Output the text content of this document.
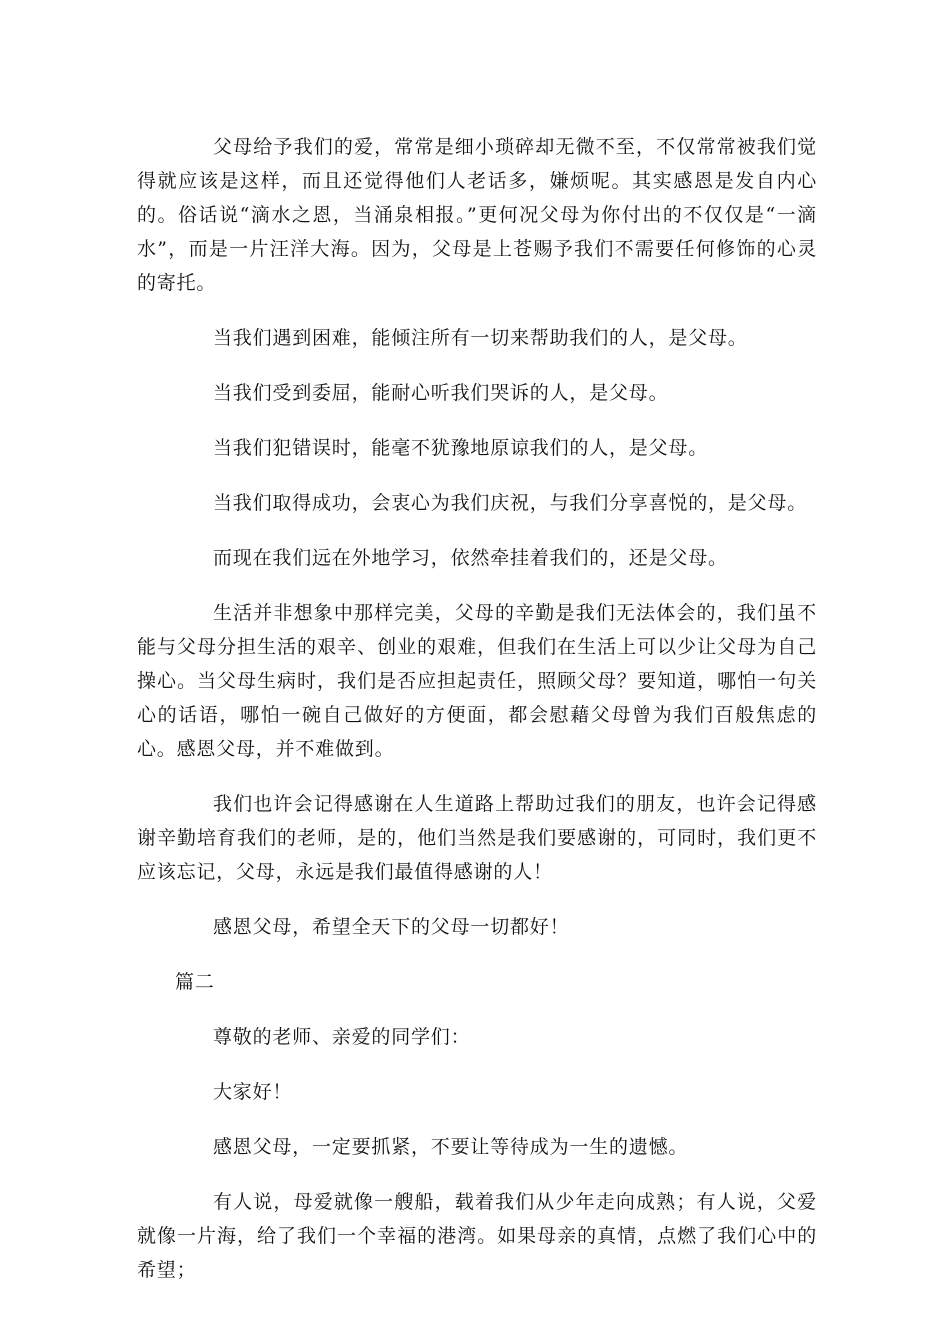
父母给予我们的爱，常常是细小琐碎却无微不至，不仅常常被我们觉得就应该是这样，而且还觉得他们人老话多，嫌烦呢。其实感恩是发自内心的。俗话说“滴水之恩，当涌泉相报。”更何况父母为你付出的不仅仅是“一滴水”，而是一片汪洋大海。因为，父母是上苍赐予我们不需要任何修饰的心灵的寄托。

当我们遇到困难，能倾注所有一切来帮助我们的人，是父母。

当我们受到委屈，能耐心听我们哭诉的人，是父母。

当我们犯错误时，能毫不犹豫地原谅我们的人，是父母。

当我们取得成功，会衷心为我们庆祝，与我们分享喜悦的，是父母。

而现在我们远在外地学习，依然牵挂着我们的，还是父母。

生活并非想象中那样完美，父母的辛勤是我们无法体会的，我们虽不能与父母分担生活的艰辛、创业的艰难，但我们在生活上可以少让父母为自己操心。当父母生病时，我们是否应担起责任，照顾父母？要知道，哪怕一句关心的话语，哪怕一碗自己做好的方便面，都会慰藉父母曾为我们百般焦虑的心。感恩父母，并不难做到。

我们也许会记得感谢在人生道路上帮助过我们的朋友，也许会记得感谢辛勤培育我们的老师，是的，他们当然是我们要感谢的，可同时，我们更不应该忘记，父母，永远是我们最值得感谢的人！

感恩父母，希望全天下的父母一切都好！

篇二

尊敬的老师、亲爱的同学们：

大家好！

感恩父母，一定要抓紧，不要让等待成为一生的遗憾。

有人说，母爱就像一艘船，载着我们从少年走向成熟；有人说，父爱就像一片海，给了我们一个幸福的港湾。如果母亲的真情，点燃了我们心中的希望；
